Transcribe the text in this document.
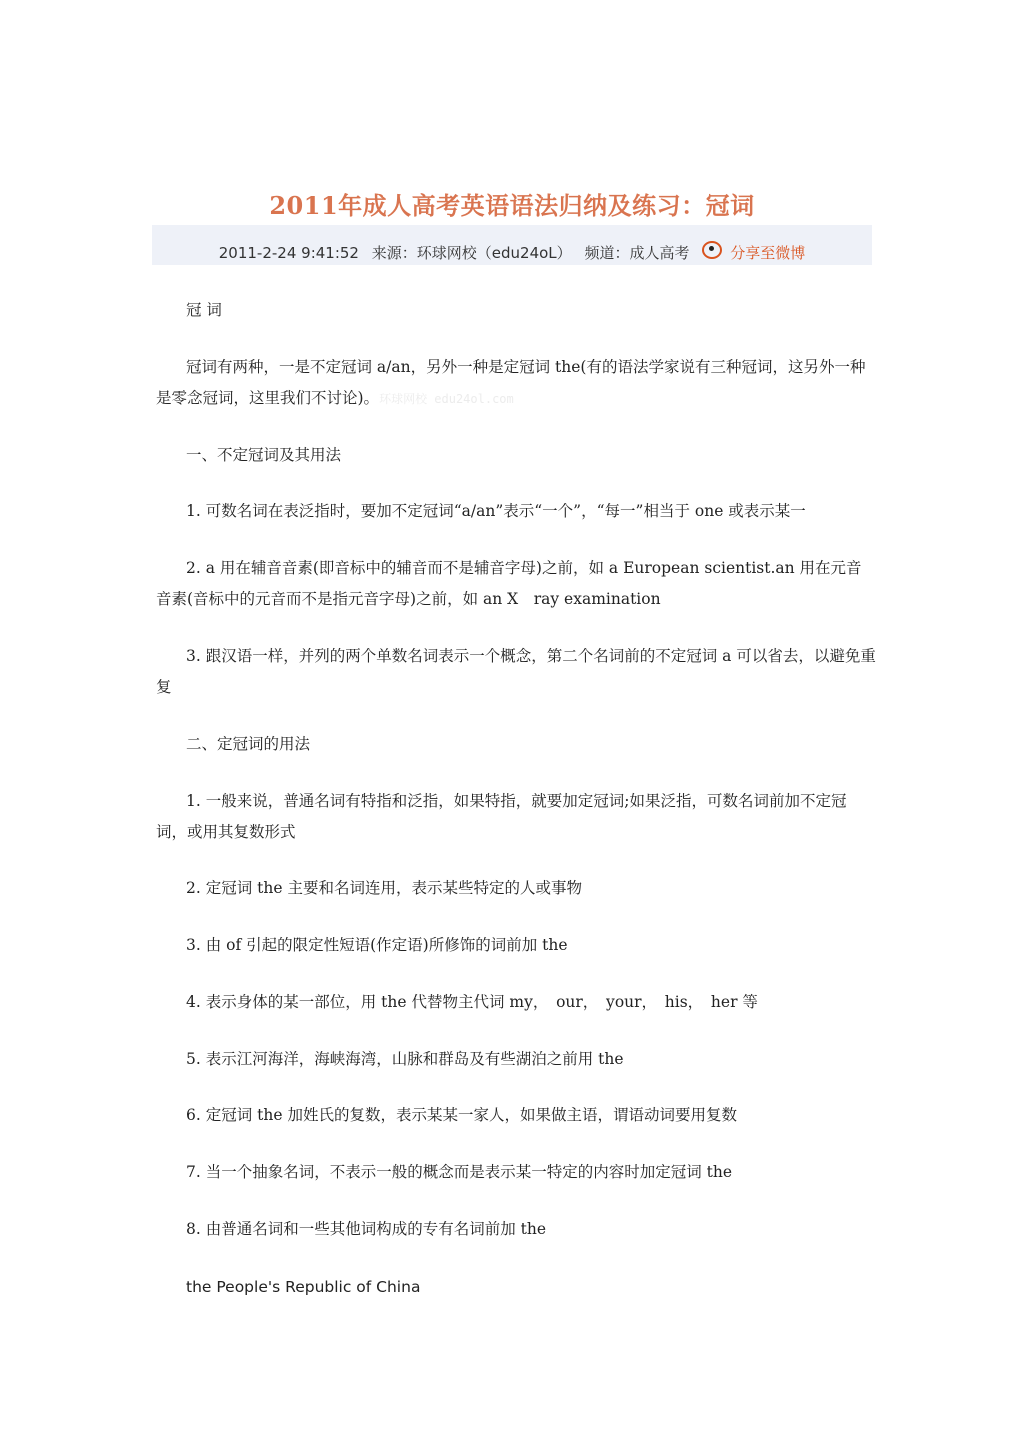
2011年成人高考英语语法归纳及练习：冠词
2011-2-24 9:41:52 来源：环球网校（edu24oL） 频道：成人高考	分享至微博

冠 词

冠词有两种，一是不定冠词 a/an，另外一种是定冠词 the(有的语法学家说有三种冠词，这另外一种是零念冠词，这里我们不讨论)。环球网校 edu24ol.com

一、不定冠词及其用法

1. 可数名词在表泛指时，要加不定冠词“a/an”表示“一个”，“每一”相当于 one 或表示某一

2. a 用在辅音音素(即音标中的辅音而不是辅音字母)之前，如 a European scientist.an 用在元音音素(音标中的元音而不是指元音字母)之前，如 an X　ray examination

3. 跟汉语一样，并列的两个单数名词表示一个概念，第二个名词前的不定冠词 a 可以省去，以避免重复

二、定冠词的用法

1. 一般来说，普通名词有特指和泛指，如果特指，就要加定冠词;如果泛指，可数名词前加不定冠词，或用其复数形式

2. 定冠词 the 主要和名词连用，表示某些特定的人或事物

3. 由 of 引起的限定性短语(作定语)所修饰的词前加 the

4. 表示身体的某一部位，用 the 代替物主代词 my，　our，　your，　his，　her 等

5. 表示江河海洋，海峡海湾，山脉和群岛及有些湖泊之前用 the

6. 定冠词 the 加姓氏的复数，表示某某一家人，如果做主语，谓语动词要用复数

7. 当一个抽象名词，不表示一般的概念而是表示某一特定的内容时加定冠词 the

8. 由普通名词和一些其他词构成的专有名词前加 the

the People's Republic of China
